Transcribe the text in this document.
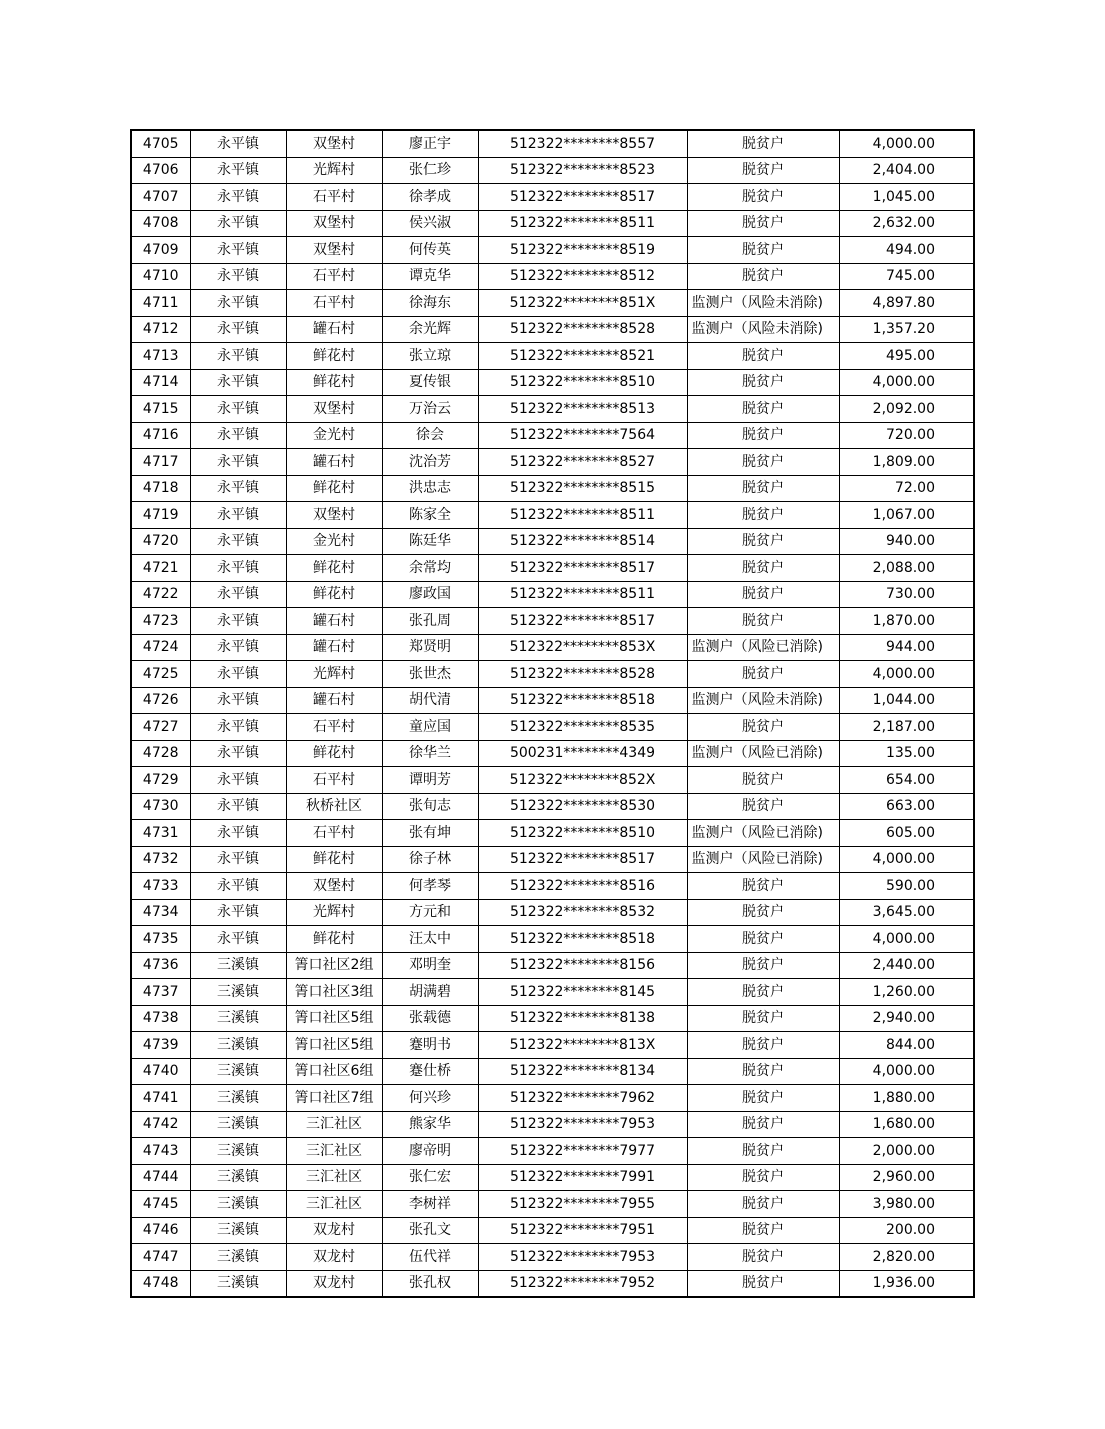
4705	永平镇	双堡村	廖正宇	512322********8557	脱贫户	4,000.00
4706	永平镇	光辉村	张仁珍	512322********8523	脱贫户	2,404.00
4707	永平镇	石平村	徐孝成	512322********8517	脱贫户	1,045.00
4708	永平镇	双堡村	侯兴淑	512322********8511	脱贫户	2,632.00
4709	永平镇	双堡村	何传英	512322********8519	脱贫户	494.00
4710	永平镇	石平村	谭克华	512322********8512	脱贫户	745.00
4711	永平镇	石平村	徐海东	512322********851X	监测户（风险未消除)	4,897.80
4712	永平镇	罐石村	余光辉	512322********8528	监测户（风险未消除)	1,357.20
4713	永平镇	鲜花村	张立琼	512322********8521	脱贫户	495.00
4714	永平镇	鲜花村	夏传银	512322********8510	脱贫户	4,000.00
4715	永平镇	双堡村	万治云	512322********8513	脱贫户	2,092.00
4716	永平镇	金光村	徐会	512322********7564	脱贫户	720.00
4717	永平镇	罐石村	沈治芳	512322********8527	脱贫户	1,809.00
4718	永平镇	鲜花村	洪忠志	512322********8515	脱贫户	72.00
4719	永平镇	双堡村	陈家全	512322********8511	脱贫户	1,067.00
4720	永平镇	金光村	陈廷华	512322********8514	脱贫户	940.00
4721	永平镇	鲜花村	余常均	512322********8517	脱贫户	2,088.00
4722	永平镇	鲜花村	廖政国	512322********8511	脱贫户	730.00
4723	永平镇	罐石村	张孔周	512322********8517	脱贫户	1,870.00
4724	永平镇	罐石村	郑贤明	512322********853X	监测户（风险已消除)	944.00
4725	永平镇	光辉村	张世杰	512322********8528	脱贫户	4,000.00
4726	永平镇	罐石村	胡代清	512322********8518	监测户（风险未消除)	1,044.00
4727	永平镇	石平村	童应国	512322********8535	脱贫户	2,187.00
4728	永平镇	鲜花村	徐华兰	500231********4349	监测户（风险已消除)	135.00
4729	永平镇	石平村	谭明芳	512322********852X	脱贫户	654.00
4730	永平镇	秋桥社区	张旬志	512322********8530	脱贫户	663.00
4731	永平镇	石平村	张有坤	512322********8510	监测户（风险已消除)	605.00
4732	永平镇	鲜花村	徐子林	512322********8517	监测户（风险已消除)	4,000.00
4733	永平镇	双堡村	何孝琴	512322********8516	脱贫户	590.00
4734	永平镇	光辉村	方元和	512322********8532	脱贫户	3,645.00
4735	永平镇	鲜花村	汪太中	512322********8518	脱贫户	4,000.00
4736	三溪镇	箐口社区2组	邓明奎	512322********8156	脱贫户	2,440.00
4737	三溪镇	箐口社区3组	胡满碧	512322********8145	脱贫户	1,260.00
4738	三溪镇	箐口社区5组	张载德	512322********8138	脱贫户	2,940.00
4739	三溪镇	箐口社区5组	蹇明书	512322********813X	脱贫户	844.00
4740	三溪镇	箐口社区6组	蹇仕桥	512322********8134	脱贫户	4,000.00
4741	三溪镇	箐口社区7组	何兴珍	512322********7962	脱贫户	1,880.00
4742	三溪镇	三汇社区	熊家华	512322********7953	脱贫户	1,680.00
4743	三溪镇	三汇社区	廖帝明	512322********7977	脱贫户	2,000.00
4744	三溪镇	三汇社区	张仁宏	512322********7991	脱贫户	2,960.00
4745	三溪镇	三汇社区	李树祥	512322********7955	脱贫户	3,980.00
4746	三溪镇	双龙村	张孔文	512322********7951	脱贫户	200.00
4747	三溪镇	双龙村	伍代祥	512322********7953	脱贫户	2,820.00
4748	三溪镇	双龙村	张孔权	512322********7952	脱贫户	1,936.00
